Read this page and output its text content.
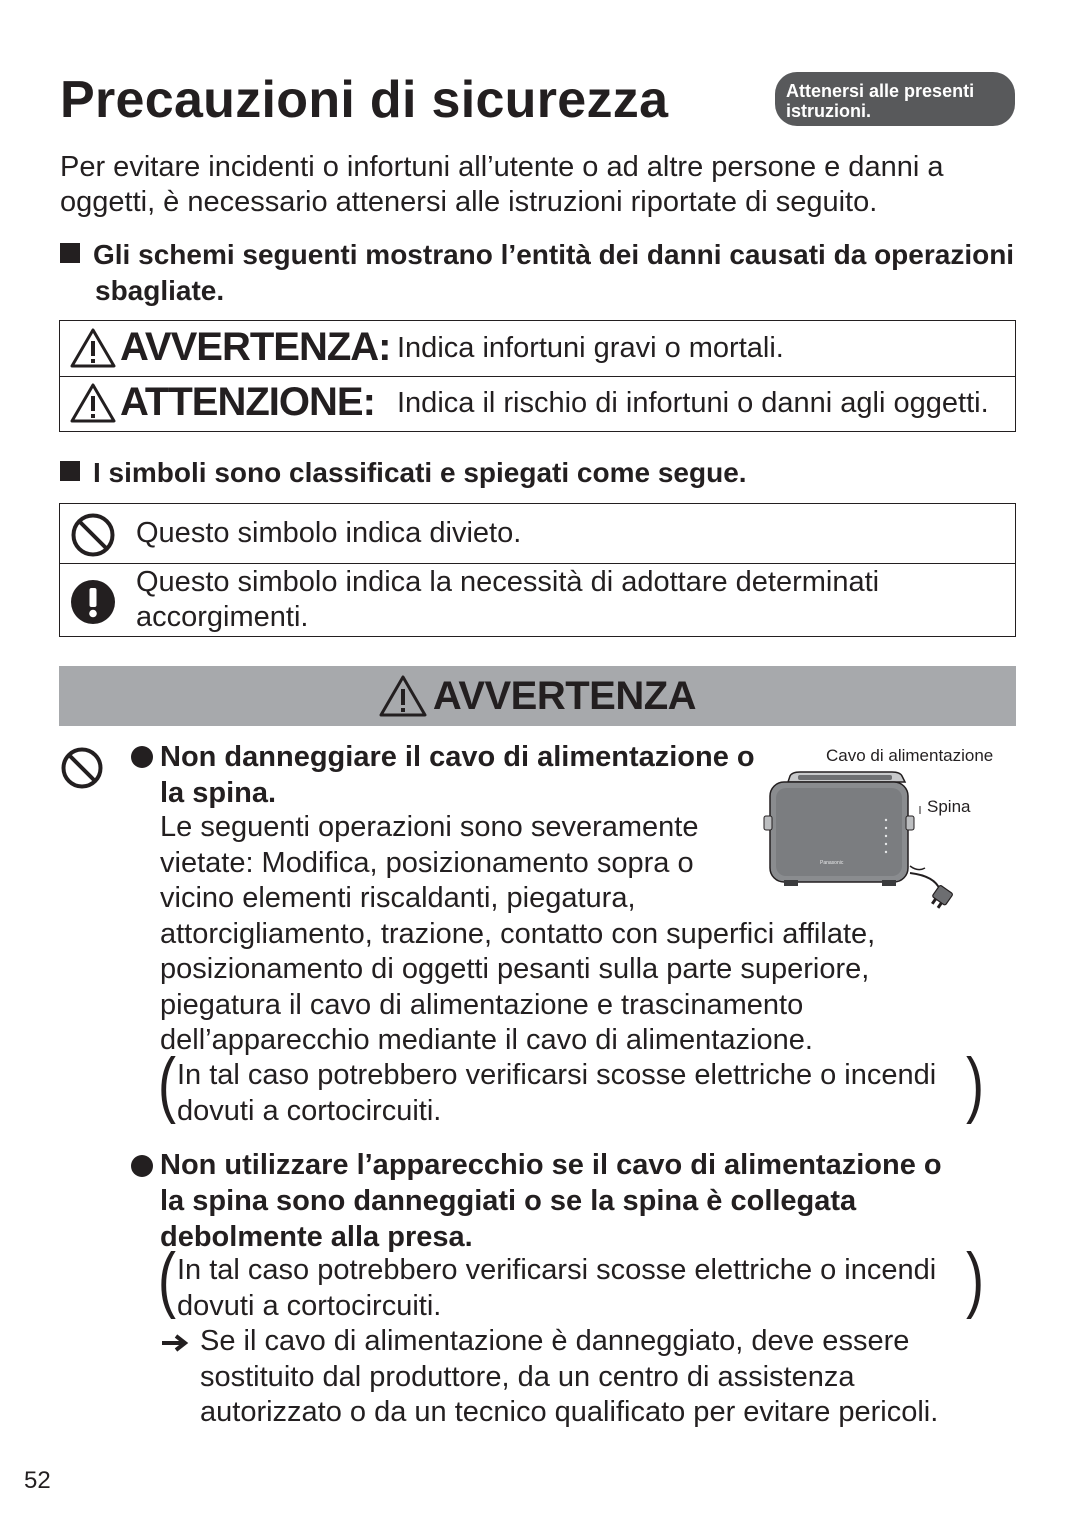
Precauzioni di sicurezza	Attenersi alle presenti istruzioni.
Per evitare incidenti o infortuni all’utente o ad altre persone e danni a oggetti, è necessario attenersi alle istruzioni riportate di seguito.
Gli schemi seguenti mostrano l’entità dei danni causati da operazioni sbagliate.
AVVERTENZA: Indica infortuni gravi o mortali.
ATTENZIONE: Indica il rischio di infortuni o danni agli oggetti.
I simboli sono classificati e spiegati come segue.
Questo simbolo indica divieto.
Questo simbolo indica la necessità di adottare determinati accorgimenti.
AVVERTENZA
Non danneggiare il cavo di alimentazione o la spina.
Le seguenti operazioni sono severamente vietate: Modifica, posizionamento sopra o vicino elementi riscaldanti, piegatura, attorcigliamento, trazione, contatto con superfici affilate, posizionamento di oggetti pesanti sulla parte superiore, piegatura il cavo di alimentazione e trascinamento dell’apparecchio mediante il cavo di alimentazione.
Cavo di alimentazione
Spina
Panasonic
( In tal caso potrebbero verificarsi scosse elettriche o incendi dovuti a cortocircuiti.	)
Non utilizzare l’apparecchio se il cavo di alimentazione o la spina sono danneggiati o se la spina è collegata debolmente alla presa.
( In tal caso potrebbero verificarsi scosse elettriche o incendi dovuti a cortocircuiti.	)
Se il cavo di alimentazione è danneggiato, deve essere sostituito dal produttore, da un centro di assistenza autorizzato o da un tecnico qualificato per evitare pericoli.
52
